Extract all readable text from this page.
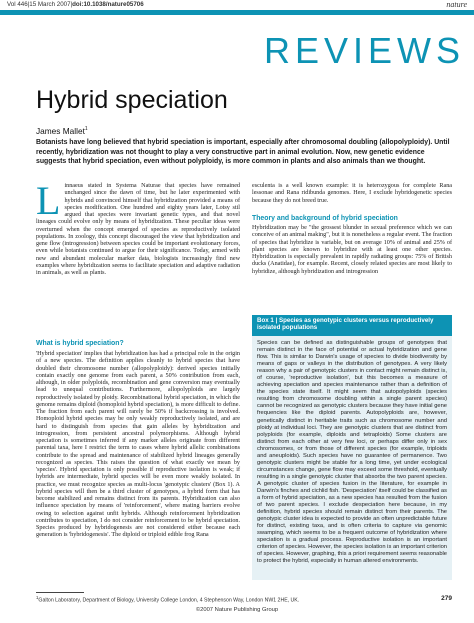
Vol 446|15 March 2007|doi:10.1038/nature05706	nature
REVIEWS
Hybrid speciation
James Mallet$^1$
Botanists have long believed that hybrid speciation is important, especially after chromosomal doubling (allopolyploidy). Until recently, hybridization was not thought to play a very constructive part in animal evolution. Now, new genetic evidence suggests that hybrid speciation, even without polyploidy, is more common in plants and also animals than we thought.
Linnaeus stated in Systema Naturae that species have remained unchanged since the dawn of time, but he later experimented with hybrids and convinced himself that hybridization provided a means of species modification. One hundred and eighty years later, Lotsy stil argued that species were invariant genetic types, and that novel lineages could evolve only by means of hybridization. These peculiar ideas were overturned when the concept emerged of species as reproductively isolated populations. In zoology, this concept discouraged the view that hybridization and gene flow (introgression) between species could be important evolutionary forces, even while botanists continued to argue for their significance. Today, armed with new and abundant molecular marker data, biologists increasingly find new examples where hybridization seems to facilitate speciation and adaptive radiation in animals, as well as plants.
What is hybrid speciation?
'Hybrid speciation' implies that hybridization has had a principal role in the origin of a new species. The definition applies cleanly to hybrid species that have doubled their chromosome number (allopolyploidy): derived species initially contain exactly one genome from each parent, a 50% contribution from each, although, in older polyploids, recombination and gene conversion may eventually lead to unequal contributions. Furthermore, allopolyploids are largely reproductively isolated by ploidy. Recombinational hybrid speciation, in which the genome remains diploid (homoploid hybrid speciation), is more difficult to define. The fraction from each parent will rarely be 50% if backcrossing is involved. Homoploid hybrid species may be only weakly reproductively isolated, and are hard to distinguish from species that gain alleles by hybridization and introgression, from persistent ancestral polymorphisms. Although hybrid speciation is sometimes inferred if any marker alleles originate from different parental taxa, here I restrict the term to cases where hybrid allelic combinations contribute to the spread and maintenance of stabilized hybrid lineages generally recognized as species. This raises the question of what exactly we mean by 'species'. Hybrid speciation is only possible if reproductive isolation is weak; if hybrids are intermediate, hybrid species will be even more weakly isolated. In practice, we must recognize species as multi-locus 'genotypic clusters' (Box 1). A hybrid species will then be a third cluster of genotypes, a hybrid form that has become stabilized and remains distinct from its parents. Hybridization can also influence speciation by means of 'reinforcement', where mating barriers evolve owing to selection against unfit hybrids. Although reinforcement hybridization contributes to speciation, I do not consider reinforcement to be hybrid speciation. Species produced by hybridogenesis are not considered either because each generation is 'hybridogenesis'. The diploid or triploid edible frog Rana
esculenta is a well known example: it is heterozygous for complete Rana lessonae and Rana ridibunda genomes. Here, I exclude hybridogenetic species because they do not breed true.
Theory and background of hybrid speciation
Hybridization may be "the grossest blunder in sexual preference which we can conceive of an animal making", but it is nonetheless a regular event. The fraction of species that hybridize is variable, but on average 10% of animal and 25% of plant species are known to hybridize with at least one other species. Hybridization is especially prevalent in rapidly radiating groups: 75% of British ducks (Anatidae), for example. Recent, closely related species are most likely to hybridize, although hybridization and introgression
Box 1 | Species as genotypic clusters versus reproductively isolated populations
Species can be defined as distinguishable groups of genotypes that remain distinct in the face of potential or actual hybridization and gene flow. This is similar to Darwin's usage of species to divide biodiversity by means of gaps or valleys in the distribution of genotypes. A very likely reason why a pair of genotypic clusters in contact might remain distinct is, of course, 'reproductive isolation', but this becomes a measure of achieving speciation and species maintenance rather than a definition of the species state itself. It might seem that autopolyploids (species resulting from chromosome doubling within a single parent species) cannot be recognized as genotypic clusters because they have initial gene frequencies like the diploid parents. Autopolyploids are, however, genetically distinct in heritable traits such as chromosome number and ploidy at individual loci. They are genotypic clusters that are distinct from polyploids (for example, diploids and tetraploids) Some clusters are distinct from each other at very few loci, or perhaps differ only in sex chromosomes, or from those of different species (for example, triploids and aneuploids). Such species have no guarantee of permanence. Two genotypic clusters might be stable for a long time, yet under ecological circumstances change, gene flow may exceed some threshold, eventually resulting in a single genotypic cluster that absorbs the two parent species. A genotypic cluster of species fusion in the literature, for example in Darwin's finches and cichlid fish. 'Despeciation' itself could be classified as a form of hybrid speciation, as a new species has resulted from the fusion of two parent species. I exclude despeciation here because, in my definition, hybrid species should remain distinct from their parents. The genotypic cluster idea is expected to provide an often unpredictable future for distinct, existing taxa, and is often criteria to capture via genomic swamping, which seems to be a frequent outcome of hybridization where speciation is a gradual process. Reproductive isolation is an important criterion of species. However, the species isolation is an important criterion of species. However, graphing, this a priori requirement seems reasonable to protect the hybrid, especially in human altered environments.
$^1$Galton Laboratory, Department of Biology, University College London, 4 Stephenson Way, London NW1 2HE, UK.	279
©2007 Nature Publishing Group
